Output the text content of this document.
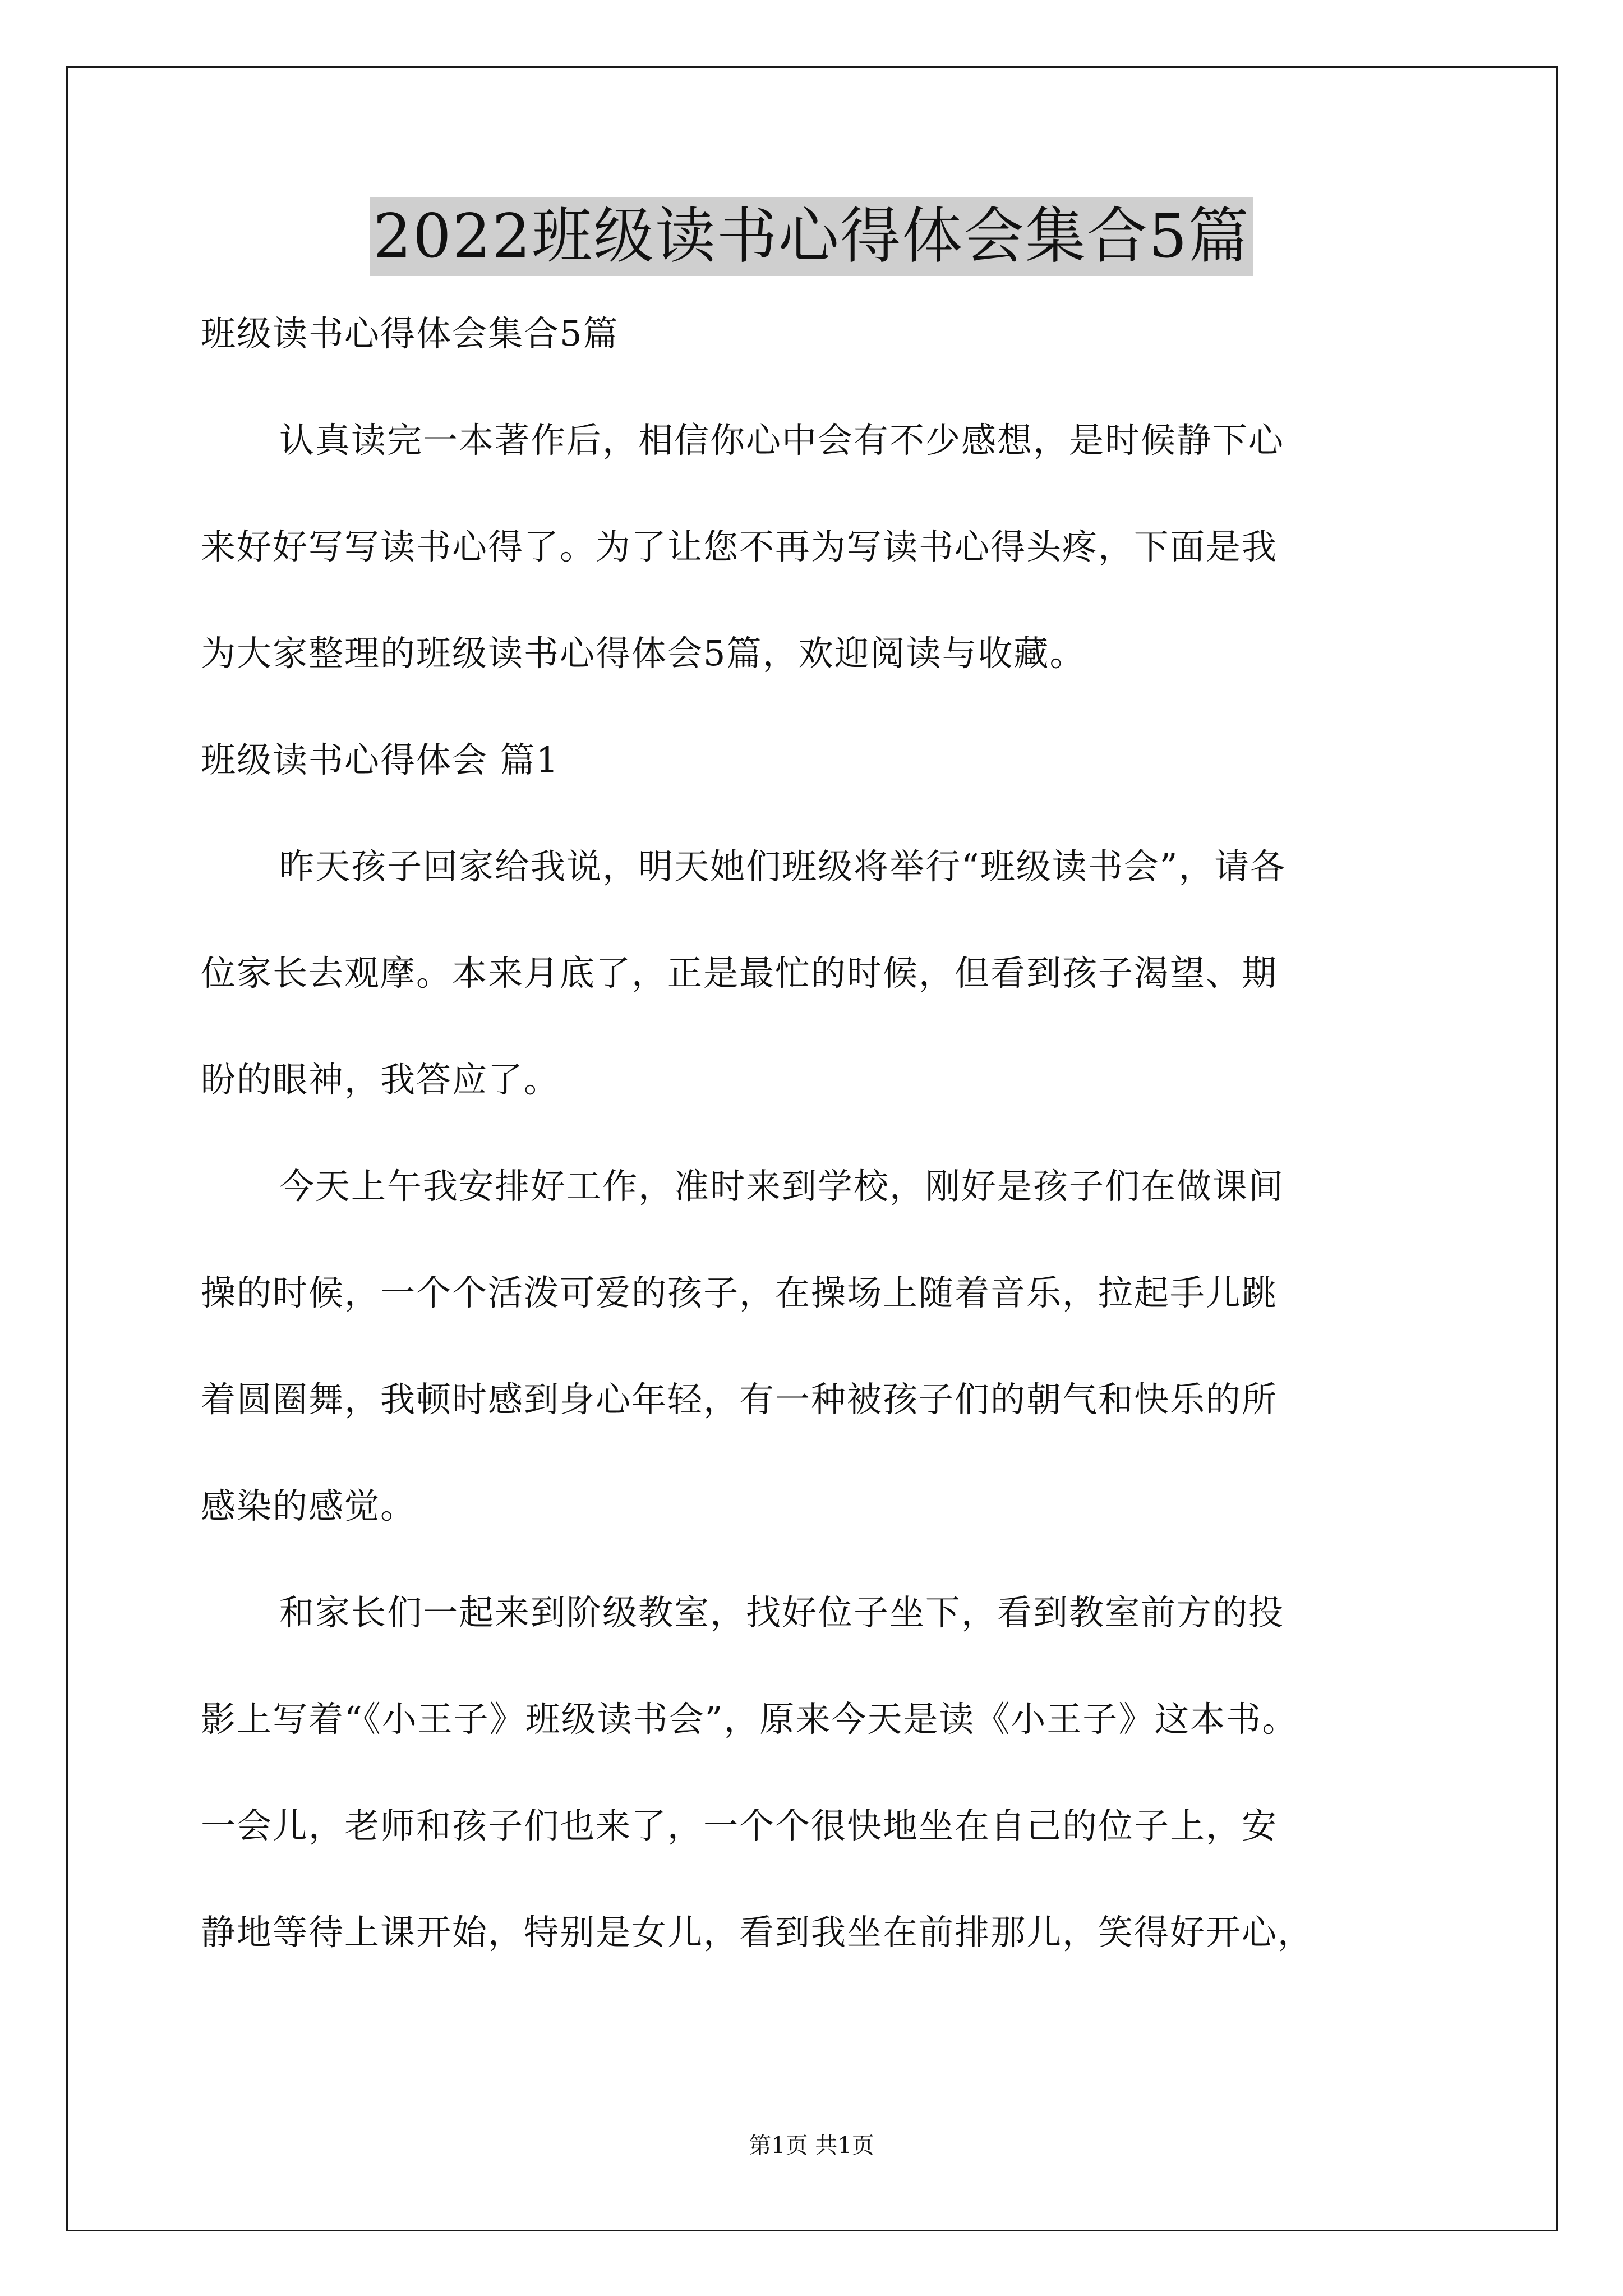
2022班级读书心得体会集合5篇
班级读书心得体会集合5篇
认真读完一本著作后，相信你心中会有不少感想，是时候静下心
来好好写写读书心得了。为了让您不再为写读书心得头疼，下面是我
为大家整理的班级读书心得体会5篇，欢迎阅读与收藏。
班级读书心得体会 篇1
昨天孩子回家给我说，明天她们班级将举行“班级读书会”，请各
位家长去观摩。本来月底了，正是最忙的时候，但看到孩子渴望、期
盼的眼神，我答应了。
今天上午我安排好工作，准时来到学校，刚好是孩子们在做课间
操的时候，一个个活泼可爱的孩子，在操场上随着音乐，拉起手儿跳
着圆圈舞，我顿时感到身心年轻，有一种被孩子们的朝气和快乐的所
感染的感觉。
和家长们一起来到阶级教室，找好位子坐下，看到教室前方的投
影上写着“《小王子》班级读书会”，原来今天是读《小王子》这本书。
一会儿，老师和孩子们也来了，一个个很快地坐在自己的位子上，安
静地等待上课开始，特别是女儿，看到我坐在前排那儿，笑得好开心，
第1页 共1页
